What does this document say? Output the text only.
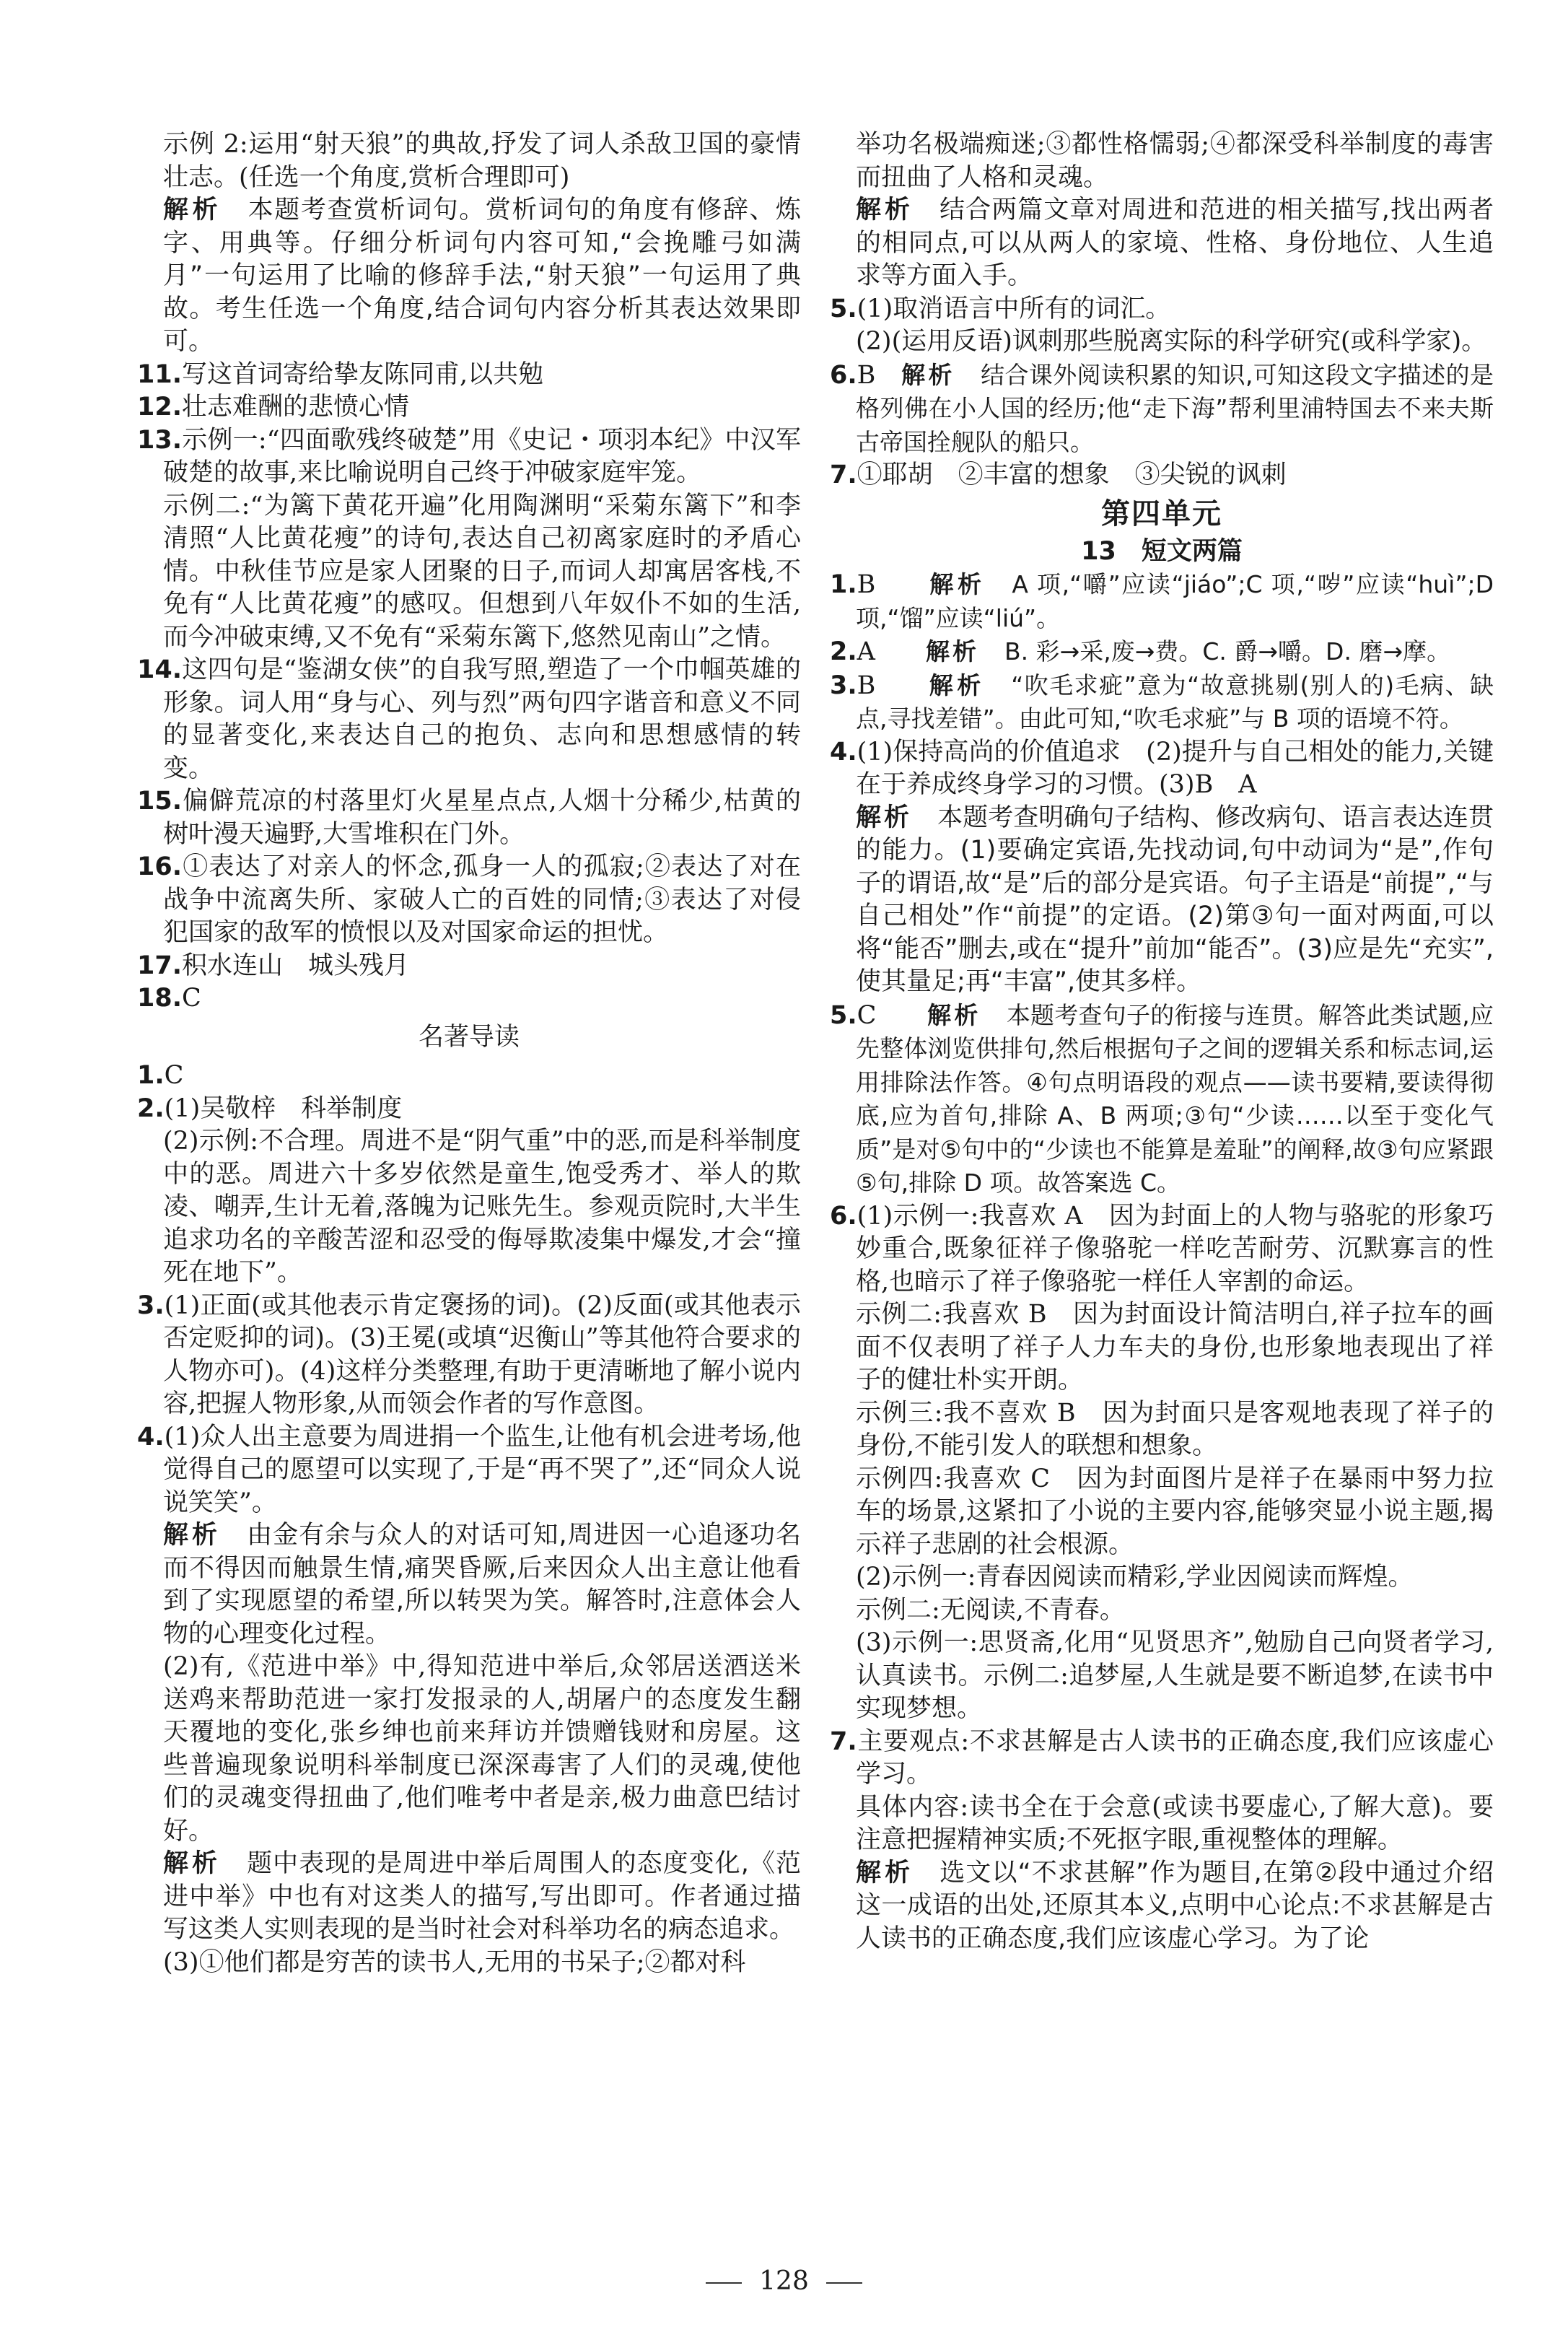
示例 2:运用“射天狼”的典故,抒发了词人杀敌卫国的豪情壮志。(任选一个角度,赏析合理即可)

解析　 本题考查赏析词句。赏析词句的角度有修辞、炼字、用典等。仔细分析词句内容可知,“会挽雕弓如满月”一句运用了比喻的修辞手法,“射天狼”一句运用了典故。考生任选一个角度,结合词句内容分析其表达效果即可。

11.写这首词寄给挚友陈同甫,以共勉

12.壮志难酬的悲愤心情

13.示例一:“四面歌残终破楚”用《史记・项羽本纪》中汉军破楚的故事,来比喻说明自己终于冲破家庭牢笼。

示例二:“为篱下黄花开遍”化用陶渊明“采菊东篱下”和李清照“人比黄花瘦”的诗句,表达自己初离家庭时的矛盾心情。中秋佳节应是家人团聚的日子,而词人却寓居客栈,不免有“人比黄花瘦”的感叹。但想到八年奴仆不如的生活,而今冲破束缚,又不免有“采菊东篱下,悠然见南山”之情。

14.这四句是“鉴湖女侠”的自我写照,塑造了一个巾帼英雄的形象。词人用“身与心、列与烈”两句四字谐音和意义不同的显著变化,来表达自己的抱负、志向和思想感情的转变。

15.偏僻荒凉的村落里灯火星星点点,人烟十分稀少,枯黄的树叶漫天遍野,大雪堆积在门外。

16.①表达了对亲人的怀念,孤身一人的孤寂;②表达了对在战争中流离失所、家破人亡的百姓的同情;③表达了对侵犯国家的敌军的愤恨以及对国家命运的担忧。

17.积水连山　城头残月

18.C

名著导读

1.C

2.(1)吴敬梓　科举制度

(2)示例:不合理。周进不是“阴气重”中的恶,而是科举制度中的恶。周进六十多岁依然是童生,饱受秀才、举人的欺凌、嘲弄,生计无着,落魄为记账先生。参观贡院时,大半生追求功名的辛酸苦涩和忍受的侮辱欺凌集中爆发,才会“撞死在地下”。

3.(1)正面(或其他表示肯定褒扬的词)。(2)反面(或其他表示否定贬抑的词)。(3)王冕(或填“迟衡山”等其他符合要求的人物亦可)。(4)这样分类整理,有助于更清晰地了解小说内容,把握人物形象,从而领会作者的写作意图。

4.(1)众人出主意要为周进捐一个监生,让他有机会进考场,他觉得自己的愿望可以实现了,于是“再不哭了”,还“同众人说说笑笑”。

解析　 由金有余与众人的对话可知,周进因一心追逐功名而不得因而触景生情,痛哭昏厥,后来因众人出主意让他看到了实现愿望的希望,所以转哭为笑。解答时,注意体会人物的心理变化过程。

(2)有,《范进中举》中,得知范进中举后,众邻居送酒送米送鸡来帮助范进一家打发报录的人,胡屠户的态度发生翻天覆地的变化,张乡绅也前来拜访并馈赠钱财和房屋。这些普遍现象说明科举制度已深深毒害了人们的灵魂,使他们的灵魂变得扭曲了,他们唯考中者是亲,极力曲意巴结讨好。

解析　 题中表现的是周进中举后周围人的态度变化,《范进中举》中也有对这类人的描写,写出即可。作者通过描写这类人实则表现的是当时社会对科举功名的病态追求。

(3)①他们都是穷苦的读书人,无用的书呆子;②都对科

举功名极端痴迷;③都性格懦弱;④都深受科举制度的毒害而扭曲了人格和灵魂。

解析　 结合两篇文章对周进和范进的相关描写,找出两者的相同点,可以从两人的家境、性格、身份地位、人生追求等方面入手。

5.(1)取消语言中所有的词汇。

(2)(运用反语)讽刺那些脱离实际的科学研究(或科学家)。

6.B　 解析　 结合课外阅读积累的知识,可知这段文字描述的是格列佛在小人国的经历;他“走下海”帮利里浦特国去不来夫斯古帝国拴舰队的船只。

7.①耶胡　②丰富的想象　③尖锐的讽刺

第四单元

13　短文两篇

1.B　　解析　 A 项,“嚼”应读“jiáo”;C 项,“哕”应读“huì”;D 项,“馏”应读“liú”。

2.A　　解析　 B. 彩→采,废→费。C. 爵→嚼。D. 磨→摩。

3.B　　解析　 “吹毛求疵”意为“故意挑剔(别人的)毛病、缺点,寻找差错”。由此可知,“吹毛求疵”与 B 项的语境不符。

4.(1)保持高尚的价值追求　(2)提升与自己相处的能力,关键在于养成终身学习的习惯。(3)B　A

解析　 本题考查明确句子结构、修改病句、语言表达连贯的能力。(1)要确定宾语,先找动词,句中动词为“是”,作句子的谓语,故“是”后的部分是宾语。句子主语是“前提”,“与自己相处”作“前提”的定语。(2)第③句一面对两面,可以将“能否”删去,或在“提升”前加“能否”。(3)应是先“充实”,使其量足;再“丰富”,使其多样。

5.C　　解析　 本题考查句子的衔接与连贯。解答此类试题,应先整体浏览供排句,然后根据句子之间的逻辑关系和标志词,运用排除法作答。④句点明语段的观点——读书要精,要读得彻底,应为首句,排除 A、B 两项;③句“少读……以至于变化气质”是对⑤句中的“少读也不能算是羞耻”的阐释,故③句应紧跟⑤句,排除 D 项。故答案选 C。

6.(1)示例一:我喜欢 A　因为封面上的人物与骆驼的形象巧妙重合,既象征祥子像骆驼一样吃苦耐劳、沉默寡言的性格,也暗示了祥子像骆驼一样任人宰割的命运。

示例二:我喜欢 B　因为封面设计简洁明白,祥子拉车的画面不仅表明了祥子人力车夫的身份,也形象地表现出了祥子的健壮朴实开朗。

示例三:我不喜欢 B　因为封面只是客观地表现了祥子的身份,不能引发人的联想和想象。

示例四:我喜欢 C　因为封面图片是祥子在暴雨中努力拉车的场景,这紧扣了小说的主要内容,能够突显小说主题,揭示祥子悲剧的社会根源。

(2)示例一:青春因阅读而精彩,学业因阅读而辉煌。

示例二:无阅读,不青春。

(3)示例一:思贤斋,化用“见贤思齐”,勉励自己向贤者学习,认真读书。示例二:追梦屋,人生就是要不断追梦,在读书中实现梦想。

7.主要观点:不求甚解是古人读书的正确态度,我们应该虚心学习。

具体内容:读书全在于会意(或读书要虚心,了解大意)。要注意把握精神实质;不死抠字眼,重视整体的理解。

解析　 选文以“不求甚解”作为题目,在第②段中通过介绍这一成语的出处,还原其本义,点明中心论点:不求甚解是古人读书的正确态度,我们应该虚心学习。为了论

128
